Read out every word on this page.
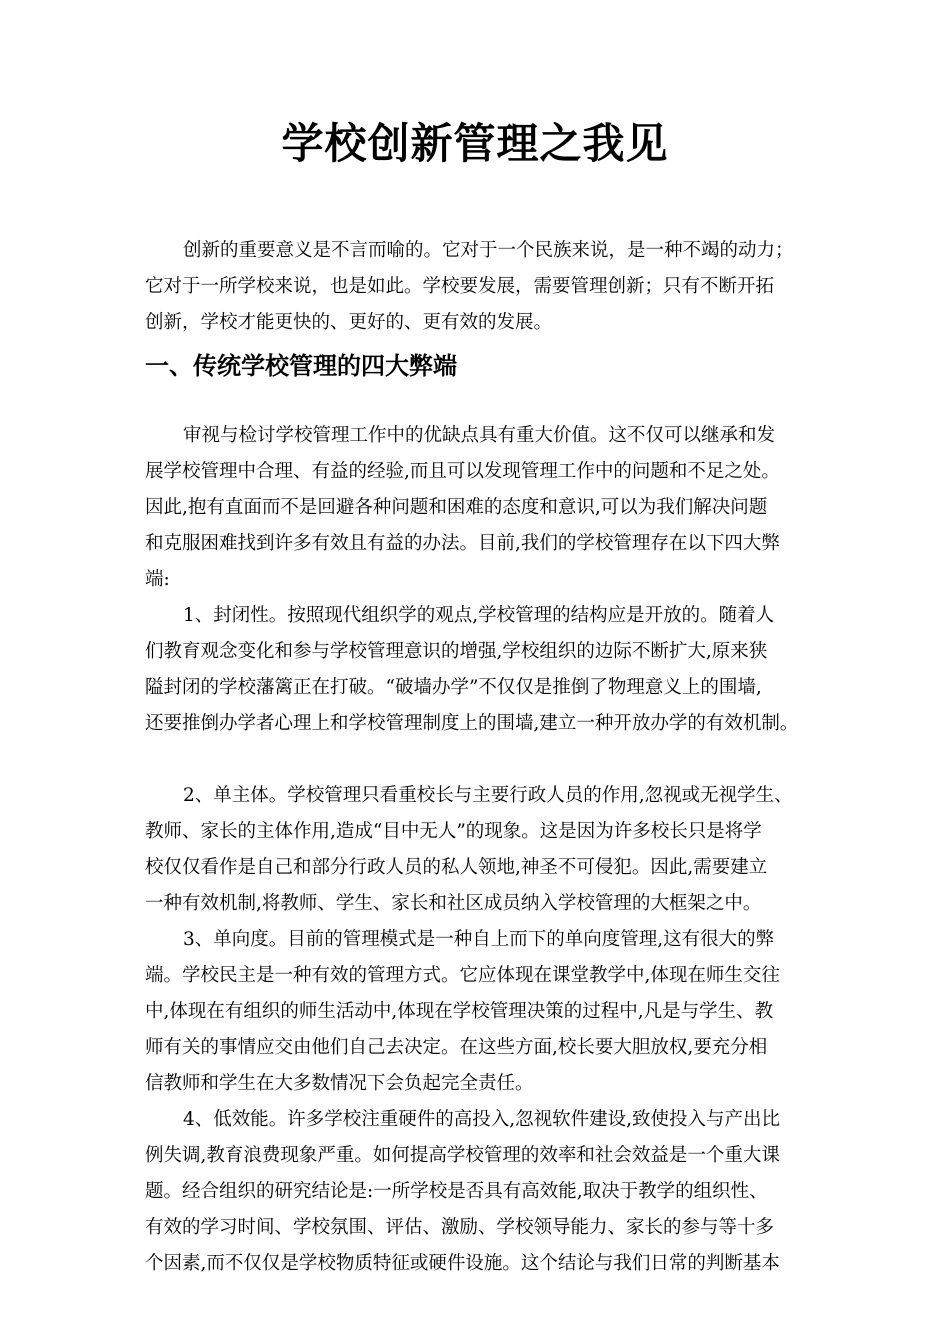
学校创新管理之我见
创新的重要意义是不言而喻的。它对于一个民族来说，是一种不竭的动力；
它对于一所学校来说，也是如此。学校要发展，需要管理创新；只有不断开拓
创新，学校才能更快的、更好的、更有效的发展。
一、传统学校管理的四大弊端
审视与检讨学校管理工作中的优缺点具有重大价值。这不仅可以继承和发
展学校管理中合理、有益的经验,而且可以发现管理工作中的问题和不足之处。
因此,抱有直面而不是回避各种问题和困难的态度和意识,可以为我们解决问题
和克服困难找到许多有效且有益的办法。目前,我们的学校管理存在以下四大弊
端:
1、封闭性。按照现代组织学的观点,学校管理的结构应是开放的。随着人
们教育观念变化和参与学校管理意识的增强,学校组织的边际不断扩大,原来狭
隘封闭的学校藩篱正在打破。“破墙办学”不仅仅是推倒了物理意义上的围墙,
还要推倒办学者心理上和学校管理制度上的围墙,建立一种开放办学的有效机制。
2、单主体。学校管理只看重校长与主要行政人员的作用,忽视或无视学生、
教师、家长的主体作用,造成“目中无人”的现象。这是因为许多校长只是将学
校仅仅看作是自己和部分行政人员的私人领地,神圣不可侵犯。因此,需要建立
一种有效机制,将教师、学生、家长和社区成员纳入学校管理的大框架之中。
3、单向度。目前的管理模式是一种自上而下的单向度管理,这有很大的弊
端。学校民主是一种有效的管理方式。它应体现在课堂教学中,体现在师生交往
中,体现在有组织的师生活动中,体现在学校管理决策的过程中,凡是与学生、教
师有关的事情应交由他们自己去决定。在这些方面,校长要大胆放权,要充分相
信教师和学生在大多数情况下会负起完全责任。
4、低效能。许多学校注重硬件的高投入,忽视软件建设,致使投入与产出比
例失调,教育浪费现象严重。如何提高学校管理的效率和社会效益是一个重大课
题。经合组织的研究结论是:一所学校是否具有高效能,取决于教学的组织性、
有效的学习时间、学校氛围、评估、激励、学校领导能力、家长的参与等十多
个因素,而不仅仅是学校物质特征或硬件设施。这个结论与我们日常的判断基本
